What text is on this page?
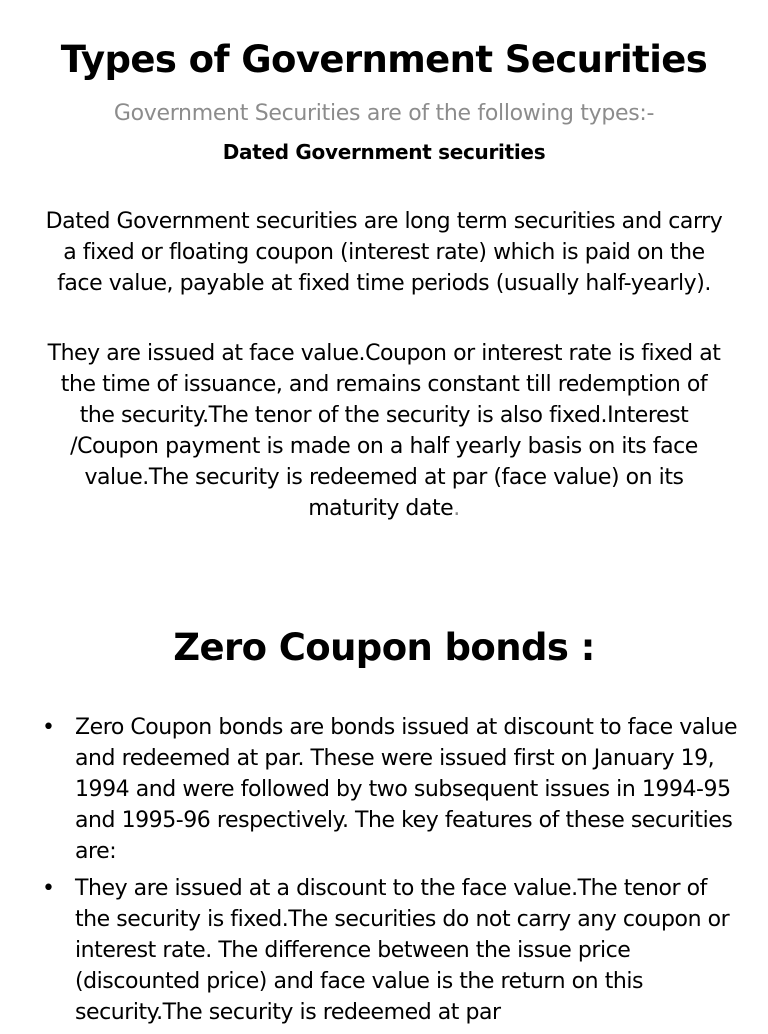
Types of Government Securities
Government Securities are of the following types:-
Dated Government securities
Dated Government securities are long term securities and carry a fixed or floating coupon (interest rate) which is paid on the face value, payable at fixed time periods (usually half-yearly).
They are issued at face value.Coupon or interest rate is fixed at the time of issuance, and remains constant till redemption of the security.The tenor of the security is also fixed.Interest /Coupon payment is made on a half yearly basis on its face value.The security is redeemed at par (face value) on its maturity date.
Zero Coupon bonds :
• Zero Coupon bonds are bonds issued at discount to face value and redeemed at par. These were issued first on January 19, 1994 and were followed by two subsequent issues in 1994-95 and 1995-96 respectively. The key features of these securities are:
• They are issued at a discount to the face value.The tenor of the security is fixed.The securities do not carry any coupon or interest rate. The difference between the issue price (discounted price) and face value is the return on this security.The security is redeemed at par
